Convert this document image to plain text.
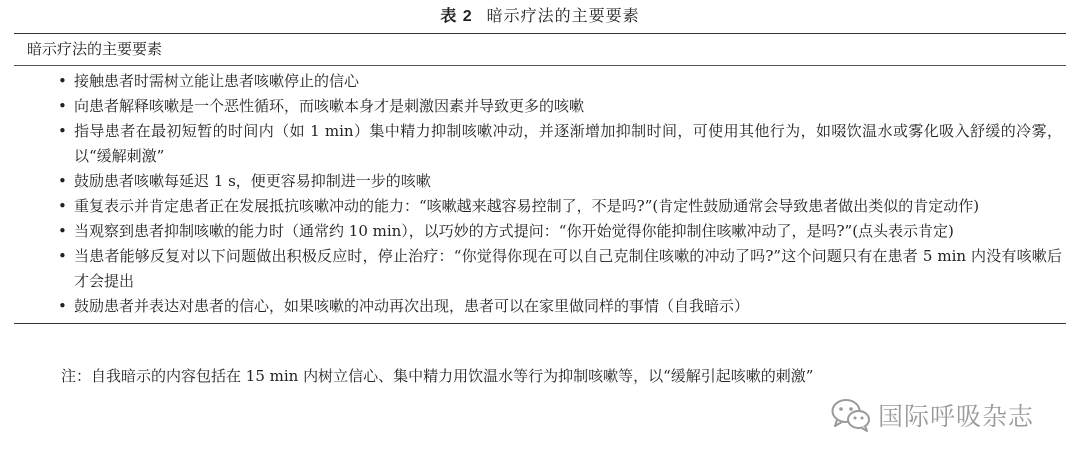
表 2 暗示疗法的主要要素
暗示疗法的主要要素
• 接触患者时需树立能让患者咳嗽停止的信心
• 向患者解释咳嗽是一个恶性循环，而咳嗽本身才是刺激因素并导致更多的咳嗽
• 指导患者在最初短暂的时间内（如 1 min）集中精力抑制咳嗽冲动，并逐渐增加抑制时间，可使用其他行为，如啜饮温水或雾化吸入舒缓的冷雾，以“缓解刺激”
• 鼓励患者咳嗽每延迟 1 s，便更容易抑制进一步的咳嗽
• 重复表示并肯定患者正在发展抵抗咳嗽冲动的能力：“咳嗽越来越容易控制了，不是吗?”(肯定性鼓励通常会导致患者做出类似的肯定动作)
• 当观察到患者抑制咳嗽的能力时（通常约 10 min），以巧妙的方式提问：“你开始觉得你能抑制住咳嗽冲动了，是吗?”(点头表示肯定)
• 当患者能够反复对以下问题做出积极反应时，停止治疗：“你觉得你现在可以自己克制住咳嗽的冲动了吗?”这个问题只有在患者 5 min 内没有咳嗽后才会提出
• 鼓励患者并表达对患者的信心，如果咳嗽的冲动再次出现，患者可以在家里做同样的事情（自我暗示）
注：自我暗示的内容包括在 15 min 内树立信心、集中精力用饮温水等行为抑制咳嗽等，以“缓解引起咳嗽的刺激”
国际呼吸杂志
